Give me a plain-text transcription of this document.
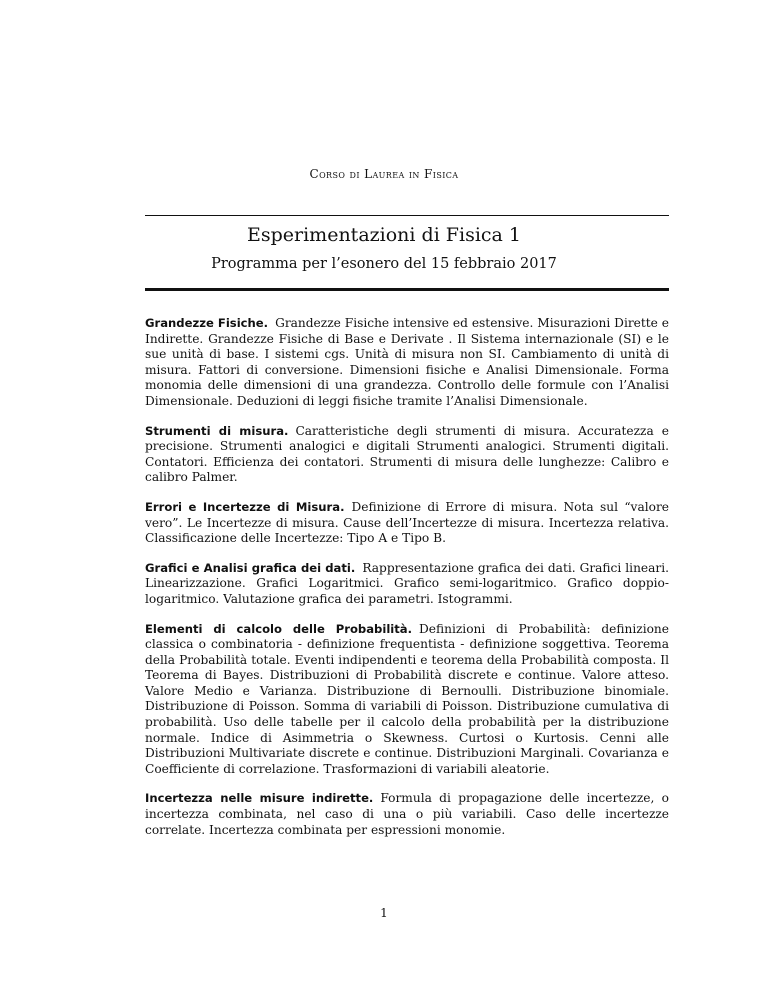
Corso di Laurea in Fisica
Esperimentazioni di Fisica 1
Programma per l’esonero del 15 febbraio 2017

Grandezze Fisiche. Grandezze Fisiche intensive ed estensive. Misurazioni Dirette e Indirette. Grandezze Fisiche di Base e Derivate . Il Sistema internazionale (SI) e le sue unità di base. I sistemi cgs. Unità di misura non SI. Cambiamento di unità di misura. Fattori di conversione. Dimensioni fisiche e Analisi Dimensionale. Forma monomia delle dimensioni di una grandezza. Controllo delle formule con l’Analisi Dimensionale. Deduzioni di leggi fisiche tramite l’Analisi Dimensionale.

Strumenti di misura. Caratteristiche degli strumenti di misura. Accuratezza e precisione. Strumenti analogici e digitali Strumenti analogici. Strumenti digitali. Contatori. Efficienza dei contatori. Strumenti di misura delle lunghezze: Calibro e calibro Palmer.

Errori e Incertezze di Misura. Definizione di Errore di misura. Nota sul “valore vero”. Le Incertezze di misura. Cause dell’Incertezze di misura. Incertezza relativa. Classificazione delle Incertezze: Tipo A e Tipo B.

Grafici e Analisi grafica dei dati. Rappresentazione grafica dei dati. Grafici lineari. Linearizzazione. Grafici Logaritmici. Grafico semi-logaritmico. Grafico doppio-logaritmico. Valutazione grafica dei parametri. Istogrammi.

Elementi di calcolo delle Probabilità. Definizioni di Probabilità: definizione classica o combinatoria - definizione frequentista - definizione soggettiva. Teorema della Probabilità totale. Eventi indipendenti e teorema della Probabilità composta. Il Teorema di Bayes. Distribuzioni di Probabilità discrete e continue. Valore atteso. Valore Medio e Varianza. Distribuzione di Bernoulli. Distribuzione binomiale. Distribuzione di Poisson. Somma di variabili di Poisson. Distribuzione cumulativa di probabilità. Uso delle tabelle per il calcolo della probabilità per la distribuzione normale. Indice di Asimmetria o Skewness. Curtosi o Kurtosis. Cenni alle Distribuzioni Multivariate discrete e continue. Distribuzioni Marginali. Covarianza e Coefficiente di correlazione. Trasformazioni di variabili aleatorie.

Incertezza nelle misure indirette. Formula di propagazione delle incertezze, o incertezza combinata, nel caso di una o più variabili. Caso delle incertezze correlate. Incertezza combinata per espressioni monomie.

1
